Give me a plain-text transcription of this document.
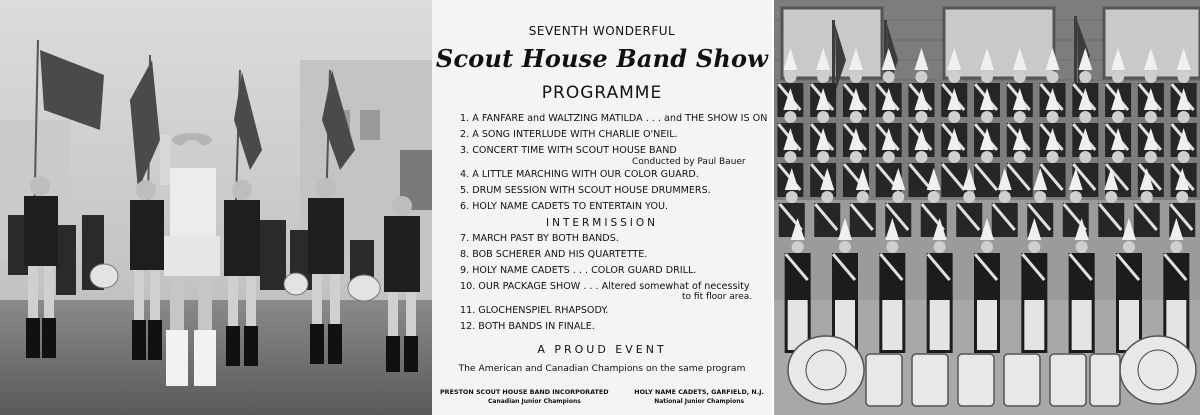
SEVENTH WONDERFUL
Scout House Band Show
PROGRAMME
1. A FANFARE and WALTZING MATILDA . . . and THE SHOW IS ON
2. A SONG INTERLUDE WITH CHARLIE O'NEIL.
3. CONCERT TIME WITH SCOUT HOUSE BAND
Conducted by Paul Bauer
4. A LITTLE MARCHING WITH OUR COLOR GUARD.
5. DRUM SESSION WITH SCOUT HOUSE DRUMMERS.
6. HOLY NAME CADETS TO ENTERTAIN YOU.
INTERMISSION
7. MARCH PAST BY BOTH BANDS.
8. BOB SCHERER AND HIS QUARTETTE.
9. HOLY NAME CADETS . . . COLOR GUARD DRILL.
10. OUR PACKAGE SHOW . . . Altered somewhat of necessity
to fit floor area.
11. GLOCHENSPIEL RHAPSODY.
12. BOTH BANDS IN FINALE.
A PROUD EVENT
The American and Canadian Champions on the same program
PRESTON SCOUT HOUSE BAND INCORPORATED
Canadian Junior Champions
HOLY NAME CADETS, GARFIELD, N.J.
National Junior Champions
